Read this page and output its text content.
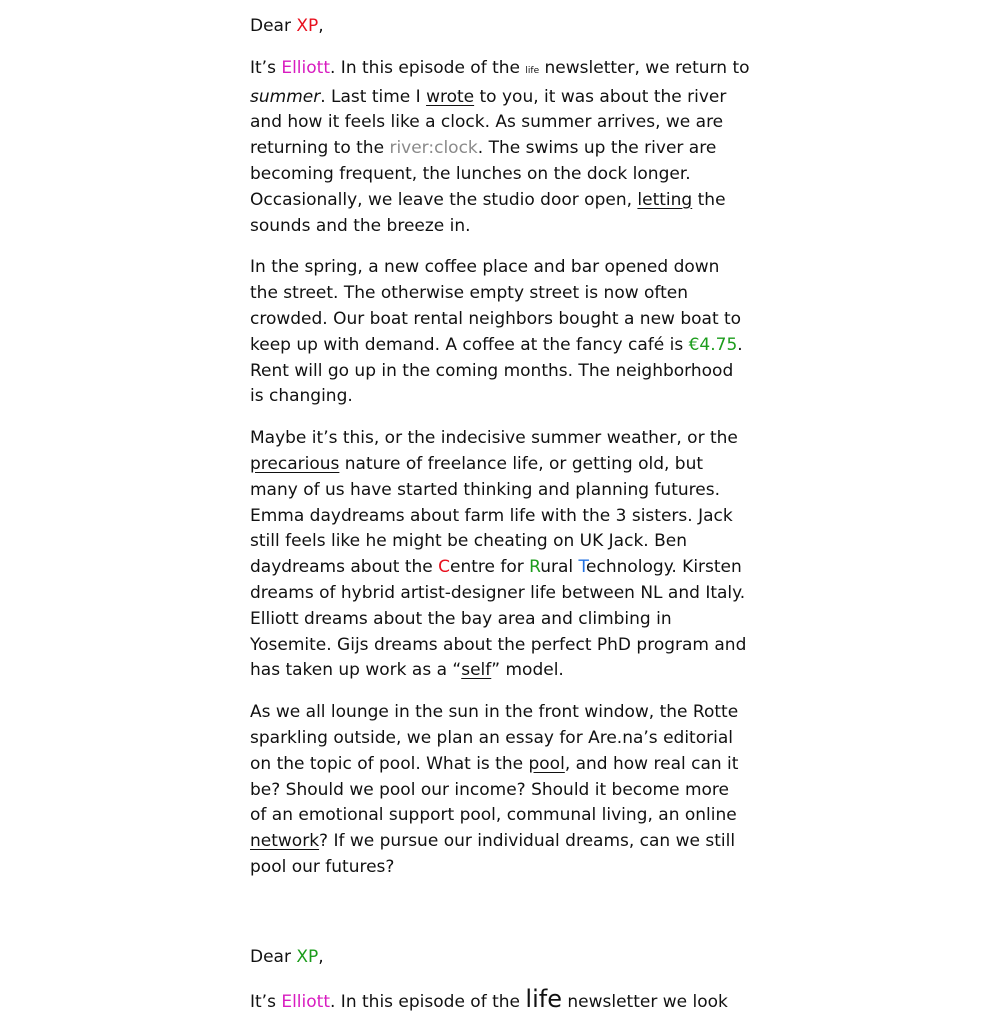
Dear XP,

It’s Elliott. In this episode of the life newsletter, we return to summer. Last time I wrote to you, it was about the river and how it feels like a clock. As summer arrives, we are returning to the river:clock. The swims up the river are becoming frequent, the lunches on the dock longer. Occasionally, we leave the studio door open, letting the sounds and the breeze in.

In the spring, a new coffee place and bar opened down the street. The otherwise empty street is now often crowded. Our boat rental neighbors bought a new boat to keep up with demand. A coffee at the fancy café is €4.75. Rent will go up in the coming months. The neighborhood is changing.

Maybe it’s this, or the indecisive summer weather, or the precarious nature of freelance life, or getting old, but many of us have started thinking and planning futures. Emma daydreams about farm life with the 3 sisters. Jack still feels like he might be cheating on UK Jack. Ben daydreams about the Centre for Rural Technology. Kirsten dreams of hybrid artist-designer life between NL and Italy. Elliott dreams about the bay area and climbing in Yosemite. Gijs dreams about the perfect PhD program and has taken up work as a “self” model.

As we all lounge in the sun in the front window, the Rotte sparkling outside, we plan an essay for Are.na’s editorial on the topic of pool. What is the pool, and how real can it be? Should we pool our income? Should it become more of an emotional support pool, communal living, an online network? If we pursue our individual dreams, can we still pool our futures?

Dear XP,

It’s Elliott. In this episode of the life newsletter we look
